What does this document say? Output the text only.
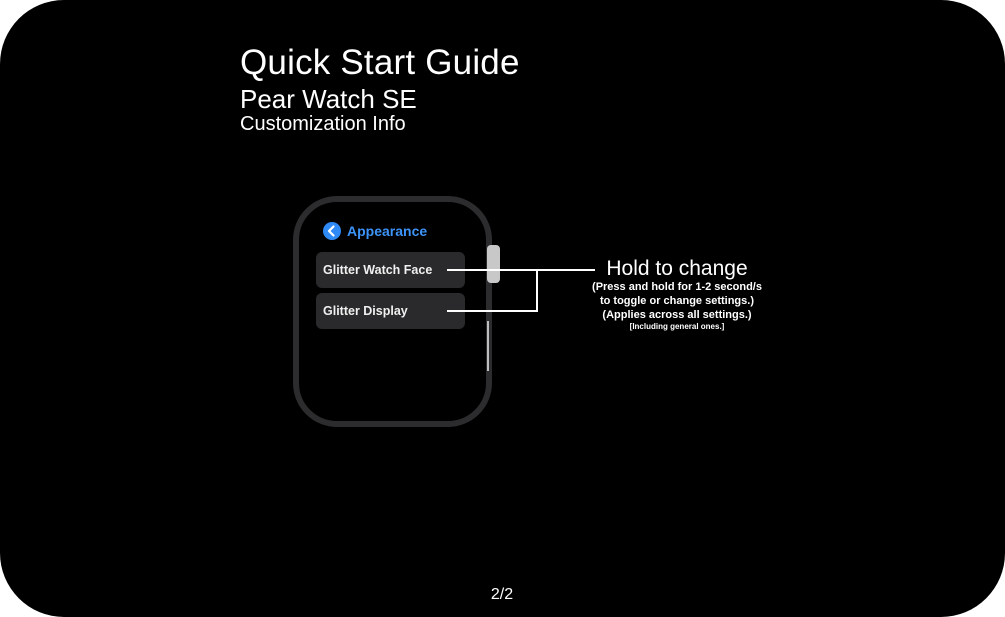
Quick Start Guide
Pear Watch SE
Customization Info
Appearance
Glitter Watch Face
Glitter Display
Hold to change
(Press and hold for 1-2 second/s
to toggle or change settings.)
(Applies across all settings.)
[Including general ones.]
2/2
